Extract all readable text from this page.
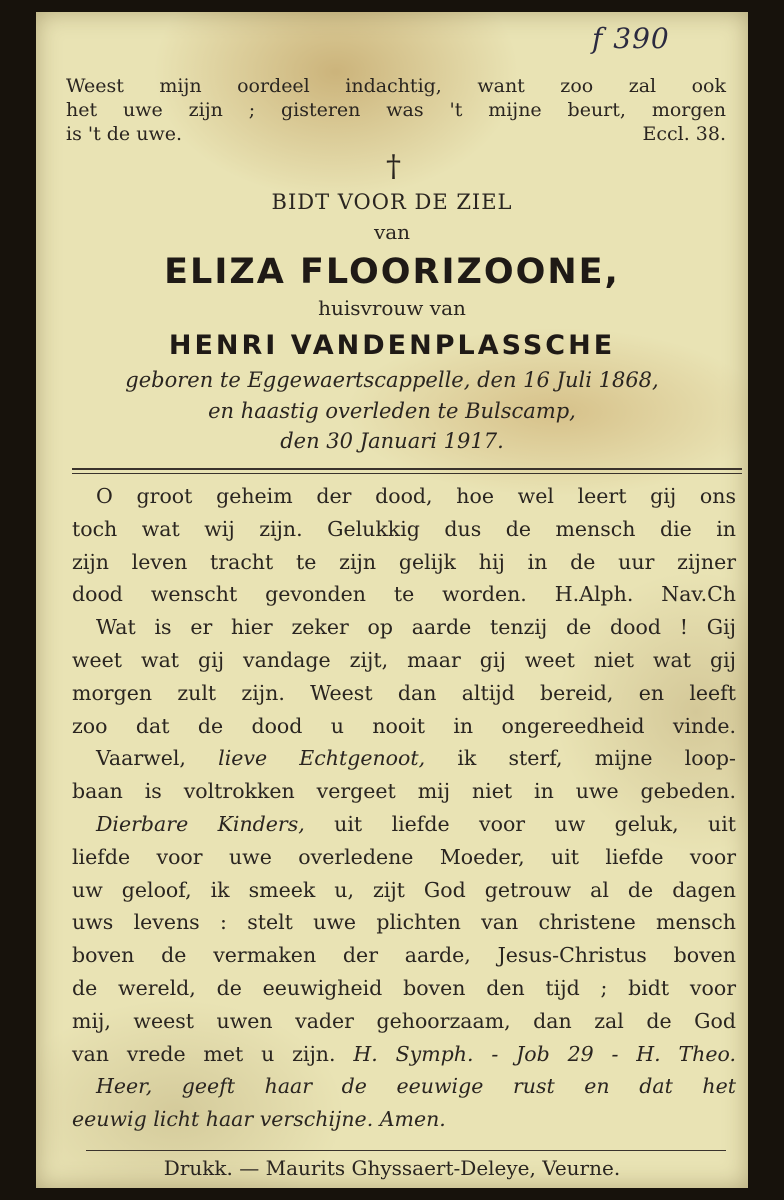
f 390
Weest mijn oordeel indachtig, want zoo zal ook
het uwe zijn ; gisteren was 't mijne beurt, morgen
is 't de uwe.	Eccl. 38.
†
BIDT VOOR DE ZIEL
van
ELIZA FLOORIZOONE,
huisvrouw van
HENRI VANDENPLASSCHE
geboren te Eggewaertscappelle, den 16 Juli 1868,
en haastig overleden te Bulscamp,
den 30 Januari 1917.
O groot geheim der dood, hoe wel leert gij ons
toch wat wij zijn. Gelukkig dus de mensch die in
zijn leven tracht te zijn gelijk hij in de uur zijner
dood wenscht gevonden te worden. H.Alph. Nav.Ch
Wat is er hier zeker op aarde tenzij de dood ! Gij
weet wat gij vandage zijt, maar gij weet niet wat gij
morgen zult zijn. Weest dan altijd bereid, en leeft
zoo dat de dood u nooit in ongereedheid vinde.
Vaarwel, lieve Echtgenoot, ik sterf, mijne loop-
baan is voltrokken vergeet mij niet in uwe gebeden.
Dierbare Kinders, uit liefde voor uw geluk, uit
liefde voor uwe overledene Moeder, uit liefde voor
uw geloof, ik smeek u, zijt God getrouw al de dagen
uws levens : stelt uwe plichten van christene mensch
boven de vermaken der aarde, Jesus-Christus boven
de wereld, de eeuwigheid boven den tijd ; bidt voor
mij, weest uwen vader gehoorzaam, dan zal de God
van vrede met u zijn. H. Symph. - Job 29 - H. Theo.
Heer, geeft haar de eeuwige rust en dat het
eeuwig licht haar verschijne. Amen.
Drukk. — Maurits Ghyssaert-Deleye, Veurne.
